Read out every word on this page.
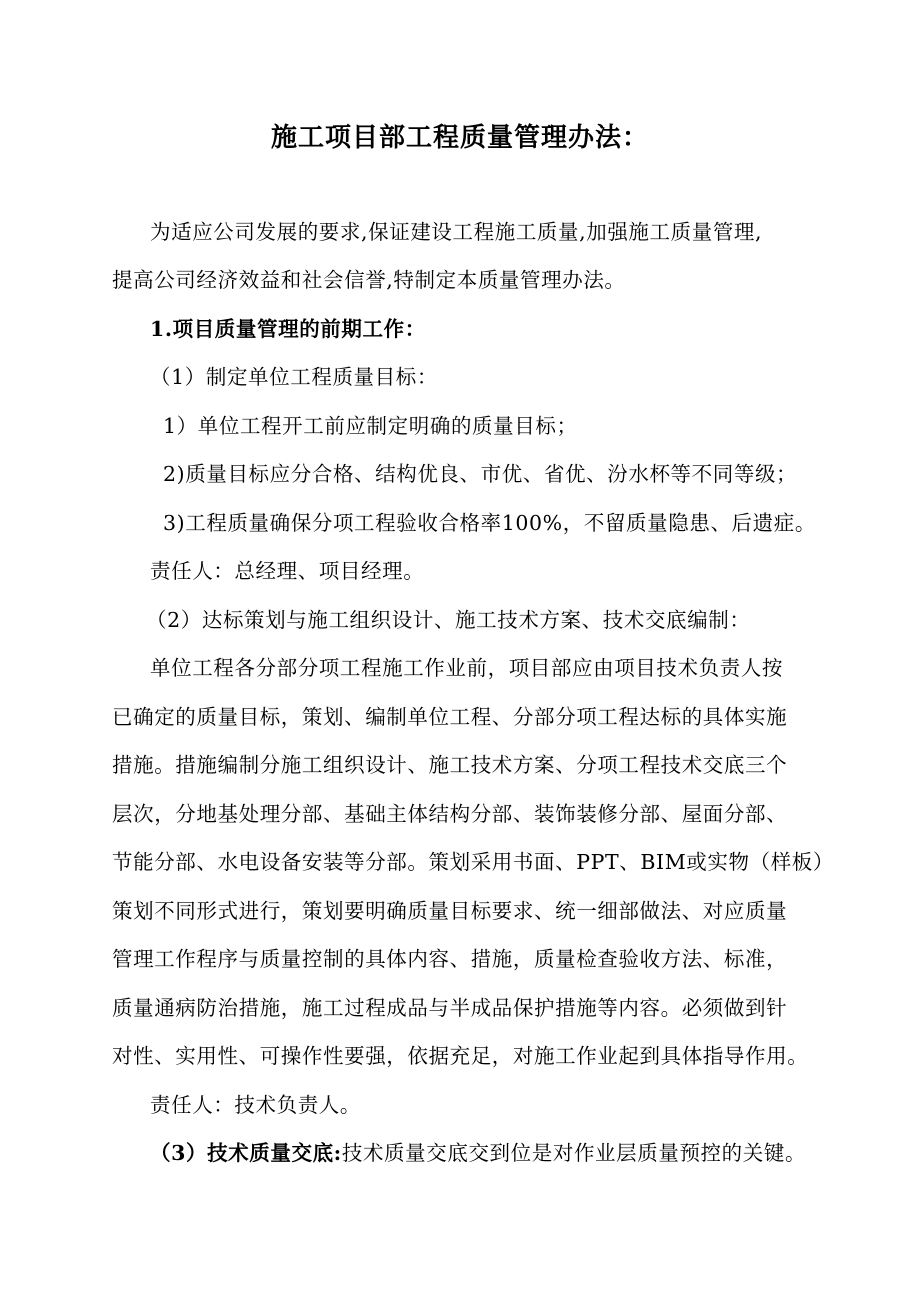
施工项目部工程质量管理办法：
为适应公司发展的要求,保证建设工程施工质量,加强施工质量管理,
提高公司经济效益和社会信誉,特制定本质量管理办法。
1.项目质量管理的前期工作：
（1）制定单位工程质量目标：
1）单位工程开工前应制定明确的质量目标；
2)质量目标应分合格、结构优良、市优、省优、汾水杯等不同等级；
3)工程质量确保分项工程验收合格率100%，不留质量隐患、后遗症。
责任人：总经理、项目经理。
（2）达标策划与施工组织设计、施工技术方案、技术交底编制：
单位工程各分部分项工程施工作业前，项目部应由项目技术负责人按
已确定的质量目标，策划、编制单位工程、分部分项工程达标的具体实施
措施。措施编制分施工组织设计、施工技术方案、分项工程技术交底三个
层次，分地基处理分部、基础主体结构分部、装饰装修分部、屋面分部、
节能分部、水电设备安装等分部。策划采用书面、PPT、BIM或实物（样板）
策划不同形式进行，策划要明确质量目标要求、统一细部做法、对应质量
管理工作程序与质量控制的具体内容、措施，质量检查验收方法、标准，
质量通病防治措施，施工过程成品与半成品保护措施等内容。必须做到针
对性、实用性、可操作性要强，依据充足，对施工作业起到具体指导作用。
责任人：技术负责人。
（3）技术质量交底:技术质量交底交到位是对作业层质量预控的关键。
